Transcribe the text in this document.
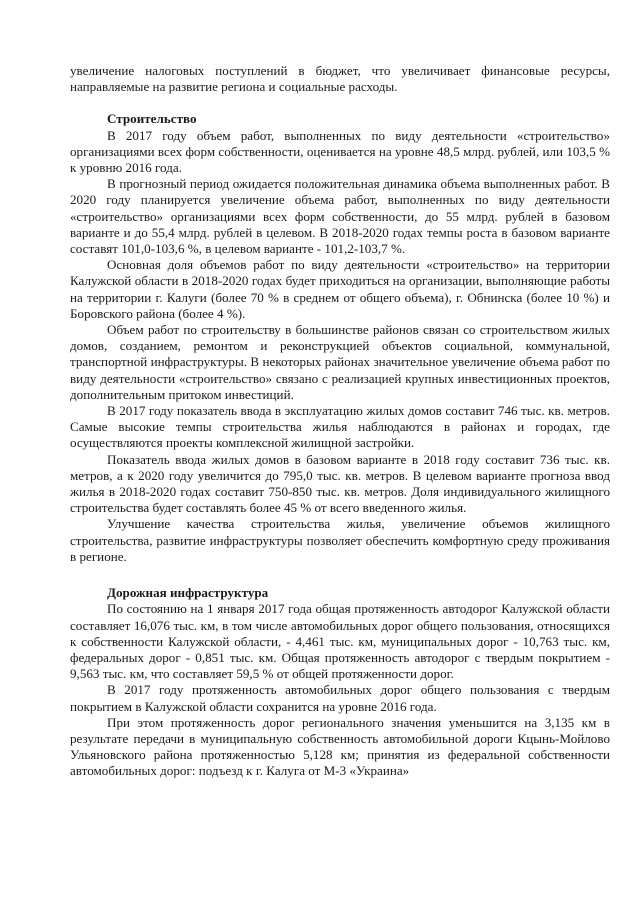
увеличение налоговых поступлений в бюджет, что увеличивает финансовые ресурсы, направляемые на развитие региона и социальные расходы.

Строительство

В 2017 году объем работ, выполненных по виду деятельности «строительство» организациями всех форм собственности, оценивается на уровне 48,5 млрд. рублей, или 103,5 % к уровню 2016 года.

В прогнозный период ожидается положительная динамика объема выполненных работ. В 2020 году планируется увеличение объема работ, выполненных по виду деятельности «строительство» организациями всех форм собственности, до 55 млрд. рублей в базовом варианте и до 55,4 млрд. рублей в целевом. В 2018-2020 годах темпы роста в базовом варианте составят 101,0-103,6 %, в целевом варианте - 101,2-103,7 %.

Основная доля объемов работ по виду деятельности «строительство» на территории Калужской области в 2018-2020 годах будет приходиться на организации, выполняющие работы на территории г. Калуги (более 70 % в среднем от общего объема), г. Обнинска (более 10 %) и Боровского района (более 4 %).

Объем работ по строительству в большинстве районов связан со строительством жилых домов, созданием, ремонтом и реконструкцией объектов социальной, коммунальной, транспортной инфраструктуры. В некоторых районах значительное увеличение объема работ по виду деятельности «строительство» связано с реализацией крупных инвестиционных проектов, дополнительным притоком инвестиций.

В 2017 году показатель ввода в эксплуатацию жилых домов составит 746 тыс. кв. метров. Самые высокие темпы строительства жилья наблюдаются в районах и городах, где осуществляются проекты комплексной жилищной застройки.

Показатель ввода жилых домов в базовом варианте в 2018 году составит 736 тыс. кв. метров, а к 2020 году увеличится до 795,0 тыс. кв. метров. В целевом варианте прогноза ввод жилья в 2018-2020 годах составит 750-850 тыс. кв. метров. Доля индивидуального жилищного строительства будет составлять более 45 % от всего введенного жилья.

Улучшение качества строительства жилья, увеличение объемов жилищного строительства, развитие инфраструктуры позволяет обеспечить комфортную среду проживания в регионе.

Дорожная инфраструктура

По состоянию на 1 января 2017 года общая протяженность автодорог Калужской области составляет 16,076 тыс. км, в том числе автомобильных дорог общего пользования, относящихся к собственности Калужской области, - 4,461 тыс. км, муниципальных дорог - 10,763 тыс. км, федеральных дорог - 0,851 тыс. км. Общая протяженность автодорог с твердым покрытием - 9,563 тыс. км, что составляет 59,5 % от общей протяженности дорог.

В 2017 году протяженность автомобильных дорог общего пользования с твердым покрытием в Калужской области сохранится на уровне 2016 года.

При этом протяженность дорог регионального значения уменьшится на 3,135 км в результате передачи в муниципальную собственность автомобильной дороги Кцынь-Мойлово Ульяновского района протяженностью 5,128 км; принятия из федеральной собственности автомобильных дорог: подъезд к г. Калуга от М-3 «Украина»
